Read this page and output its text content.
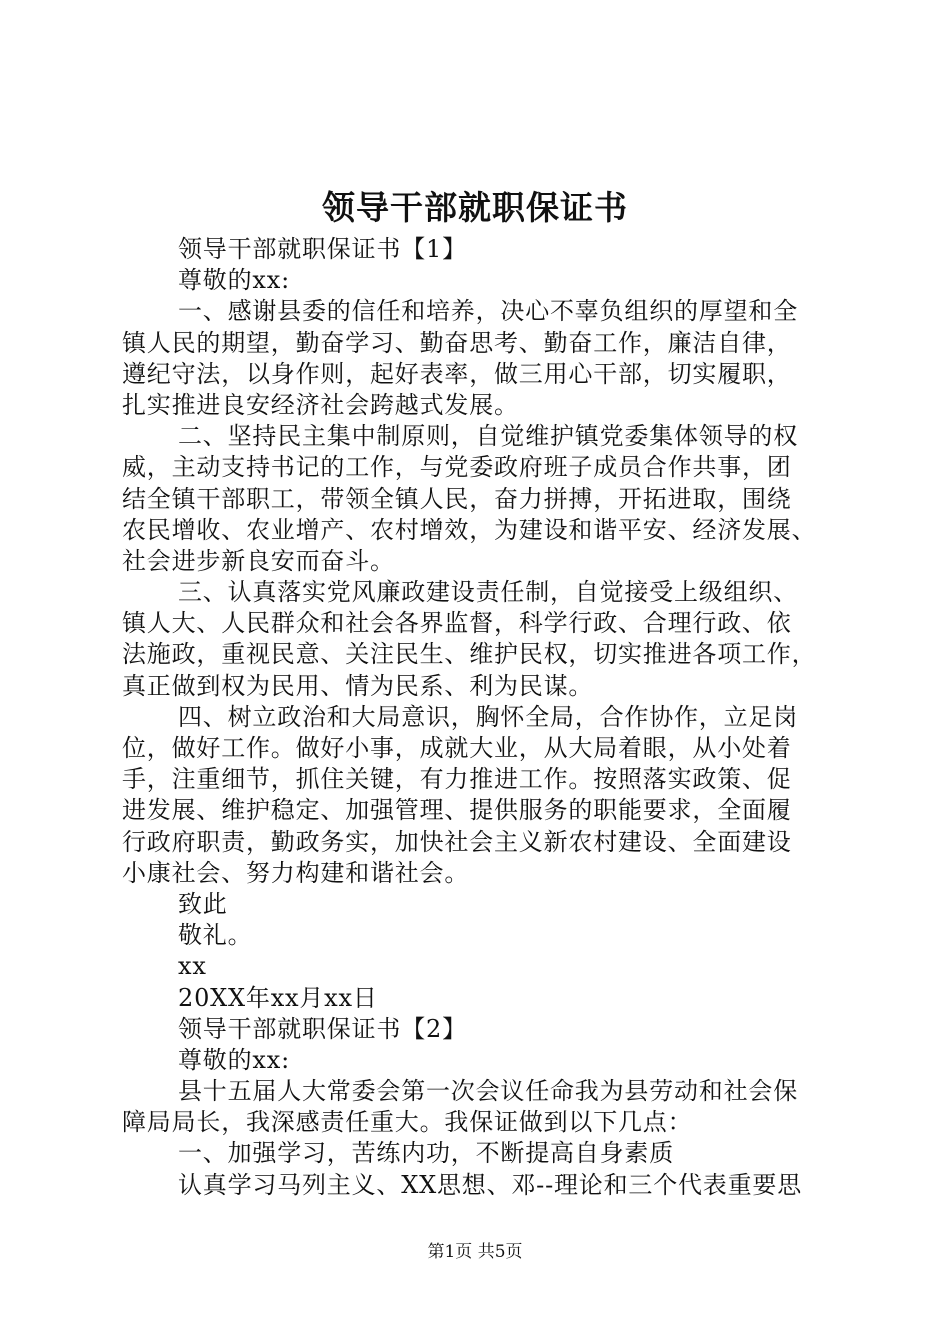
领导干部就职保证书
领导干部就职保证书【1】
尊敬的xx:
一、感谢县委的信任和培养，决心不辜负组织的厚望和全
镇人民的期望，勤奋学习、勤奋思考、勤奋工作，廉洁自律，
遵纪守法，以身作则，起好表率，做三用心干部，切实履职，
扎实推进良安经济社会跨越式发展。
二、坚持民主集中制原则，自觉维护镇党委集体领导的权
威，主动支持书记的工作，与党委政府班子成员合作共事，团
结全镇干部职工，带领全镇人民，奋力拼搏，开拓进取，围绕
农民增收、农业增产、农村增效，为建设和谐平安、经济发展、
社会进步新良安而奋斗。
三、认真落实党风廉政建设责任制，自觉接受上级组织、
镇人大、人民群众和社会各界监督，科学行政、合理行政、依
法施政，重视民意、关注民生、维护民权，切实推进各项工作，
真正做到权为民用、情为民系、利为民谋。
四、树立政治和大局意识，胸怀全局，合作协作，立足岗
位，做好工作。做好小事，成就大业，从大局着眼，从小处着
手，注重细节，抓住关键，有力推进工作。按照落实政策、促
进发展、维护稳定、加强管理、提供服务的职能要求，全面履
行政府职责，勤政务实，加快社会主义新农村建设、全面建设
小康社会、努力构建和谐社会。
致此
敬礼。
xx
20XX年xx月xx日
领导干部就职保证书【2】
尊敬的xx:
县十五届人大常委会第一次会议任命我为县劳动和社会保
障局局长，我深感责任重大。我保证做到以下几点：
一、加强学习，苦练内功，不断提高自身素质
认真学习马列主义、XX思想、邓--理论和三个代表重要思
第1页 共5页
